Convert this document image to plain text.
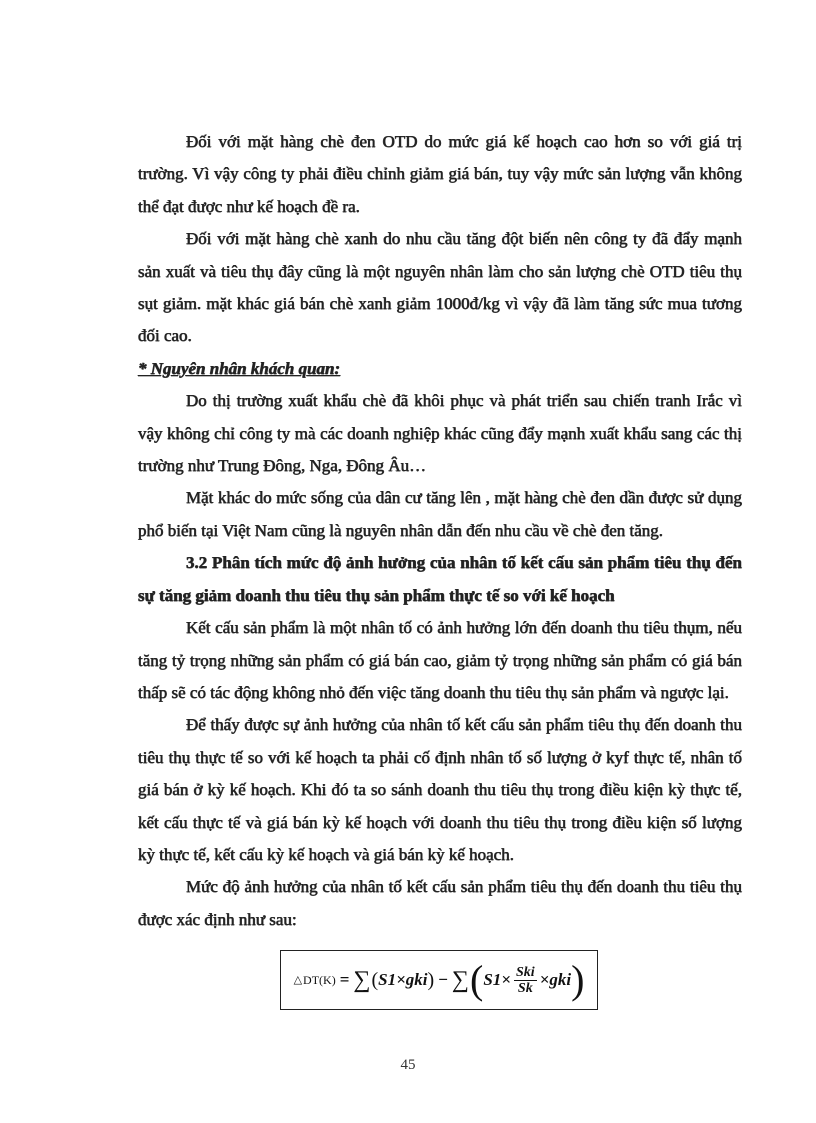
Đối với mặt hàng chè đen OTD do mức giá kế hoạch cao hơn so với giá trị trường. Vì vậy công ty phải điều chỉnh giảm giá bán, tuy vậy mức sản lượng vẫn không thể đạt được như kế hoạch đề ra.

Đối với mặt hàng chè xanh do nhu cầu tăng đột biến nên công ty đã đẩy mạnh sản xuất và tiêu thụ đây cũng là một nguyên nhân làm cho sản lượng chè OTD tiêu thụ sụt giảm. mặt khác giá bán chè xanh giảm 1000đ/kg vì vậy đã làm tăng sức mua tương đối cao.

* Nguyên nhân khách quan:

Do thị trường xuất khẩu chè đã khôi phục và phát triển sau chiến tranh Irắc vì vậy không chỉ công ty mà các doanh nghiệp khác cũng đẩy mạnh xuất khẩu sang các thị trường như Trung Đông, Nga, Đông Âu…

Mặt khác do mức sống của dân cư tăng lên , mặt hàng chè đen dần được sử dụng phổ biến tại Việt Nam cũng là nguyên nhân dẫn đến nhu cầu về chè đen tăng.

3.2 Phân tích mức độ ảnh hưởng của nhân tố kết cấu sản phẩm tiêu thụ đến sự tăng giảm doanh thu tiêu thụ sản phẩm thực tế so với kế hoạch

Kết cấu sản phẩm là một nhân tố có ảnh hưởng lớn đến doanh thu tiêu thụm, nếu tăng tỷ trọng những sản phẩm có giá bán cao, giảm tỷ trọng những sản phẩm có giá bán thấp sẽ có tác động không nhỏ đến việc tăng doanh thu tiêu thụ sản phẩm và ngược lại.

Để thấy được sự ảnh hưởng của nhân tố kết cấu sản phẩm tiêu thụ đến doanh thu tiêu thụ thực tế so với kế hoạch ta phải cố định nhân tố số lượng ở kyf thực tế, nhân tố giá bán ở kỳ kế hoạch. Khi đó ta so sánh doanh thu tiêu thụ trong điều kiện kỳ thực tế, kết cấu thực tế và giá bán kỳ kế hoạch với doanh thu tiêu thụ trong điều kiện số lượng kỳ thực tế, kết cấu kỳ kế hoạch và giá bán kỳ kế hoạch.

Mức độ ảnh hưởng của nhân tố kết cấu sản phẩm tiêu thụ đến doanh thu tiêu thụ được xác định như sau:

△ DT(K) = ∑ ( S1×gki ) − ∑ ( $S1\times \frac{\text{Ski}}{Sk} \times gki$ )
45
